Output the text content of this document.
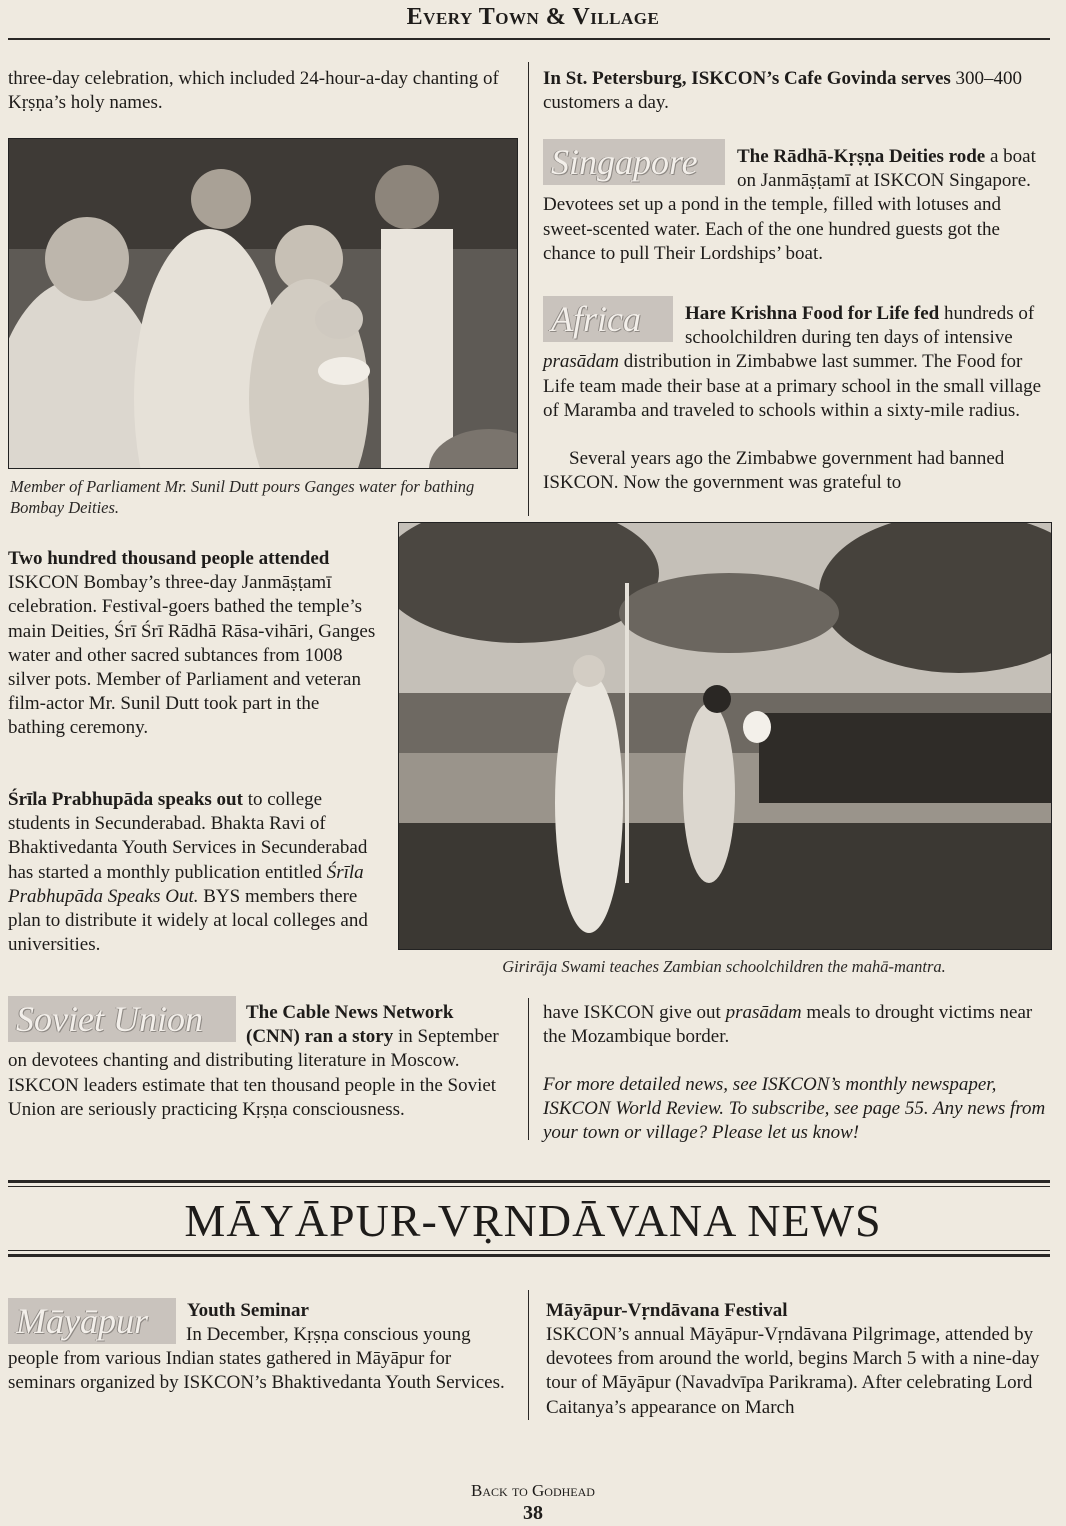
Every Town & Village
three-day celebration, which included 24-hour-a-day chanting of Kṛṣṇa’s holy names.
Member of Parliament Mr. Sunil Dutt pours Ganges water for bathing Bombay Deities.
Two hundred thousand people attended ISKCON Bombay’s three-day Janmāṣṭamī celebration. Festival-goers bathed the temple’s main Deities, Śrī Śrī Rādhā Rāsa-vihāri, Ganges water and other sacred subtances from 1008 silver pots. Member of Parliament and veteran film-actor Mr. Sunil Dutt took part in the bathing ceremony.
Śrīla Prabhupāda speaks out to college students in Secunderabad. Bhakta Ravi of Bhaktivedanta Youth Services in Secunderabad has started a monthly publication entitled Śrīla Prabhupāda Speaks Out. BYS members there plan to distribute it widely at local colleges and universities.
In St. Petersburg, ISKCON’s Cafe Govinda serves 300–400 customers a day.
Singapore	The Rādhā-Kṛṣṇa Deities rode a boat on Janmāṣṭamī at ISKCON Singapore. Devotees set up a pond in the temple, filled with lotuses and sweet-scented water. Each of the one hundred guests got the chance to pull Their Lordships’ boat.
Africa	Hare Krishna Food for Life fed hundreds of schoolchildren during ten days of intensive prasādam distribution in Zimbabwe last summer. The Food for Life team made their base at a primary school in the small village of Maramba and traveled to schools within a sixty-mile radius.
Several years ago the Zimbabwe government had banned ISKCON. Now the government was grateful to
Girirāja Swami teaches Zambian schoolchildren the mahā-mantra.
Soviet Union	The Cable News Network (CNN) ran a story in September on devotees chanting and distributing literature in Moscow. ISKCON leaders estimate that ten thousand people in the Soviet Union are seriously practicing Kṛṣṇa consciousness.
have ISKCON give out prasādam meals to drought victims near the Mozambique border.
For more detailed news, see ISKCON’s monthly newspaper, ISKCON World Review. To subscribe, see page 55. Any news from your town or village? Please let us know!
MĀYĀPUR-VṚNDĀVANA NEWS
Māyāpur	Youth Seminar
In December, Kṛṣṇa conscious young people from various Indian states gathered in Māyāpur for seminars organized by ISKCON’s Bhaktivedanta Youth Services.
Māyāpur-Vṛndāvana Festival
ISKCON’s annual Māyāpur-Vṛndāvana Pilgrimage, attended by devotees from around the world, begins March 5 with a nine-day tour of Māyāpur (Navadvīpa Parikrama). After celebrating Lord Caitanya’s appearance on March
Back to Godhead
38
